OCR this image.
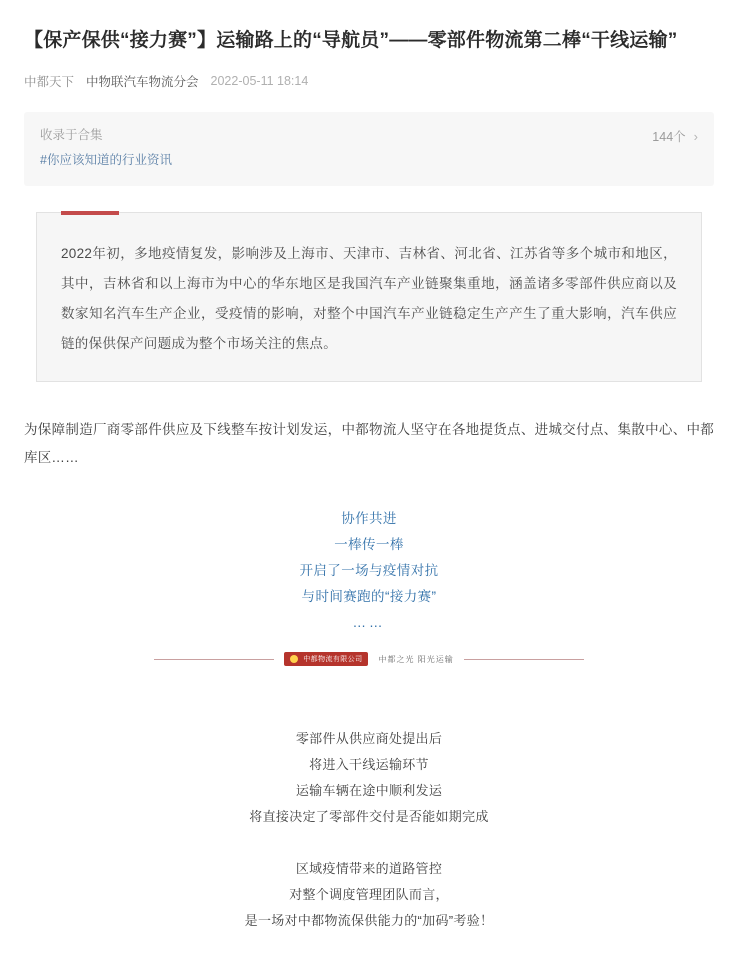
【保产保供“接力赛”】运输路上的“导航员”——零部件物流第二棒“干线运输”
中都天下 中物联汽车物流分会 2022-05-11 18:14
收录于合集
#你应该知道的行业资讯
144个 ›

2022年初，多地疫情复发，影响涉及上海市、天津市、吉林省、河北省、江苏省等多个城市和地区，其中，吉林省和以上海市为中心的华东地区是我国汽车产业链聚集重地，涵盖诸多零部件供应商以及数家知名汽车生产企业，受疫情的影响，对整个中国汽车产业链稳定生产产生了重大影响，汽车供应链的保供保产问题成为整个市场关注的焦点。

为保障制造厂商零部件供应及下线整车按计划发运，中都物流人坚守在各地提货点、进城交付点、集散中心、中都库区……

协作共进
一棒传一棒
开启了一场与疫情对抗
与时间赛跑的“接力赛”
……
中都物流有限公司 中都之光 阳光运输
零部件从供应商处提出后
将进入干线运输环节
运输车辆在途中顺利发运
将直接决定了零部件交付是否能如期完成
区域疫情带来的道路管控
对整个调度管理团队而言，
是一场对中都物流保供能力的“加码”考验！
